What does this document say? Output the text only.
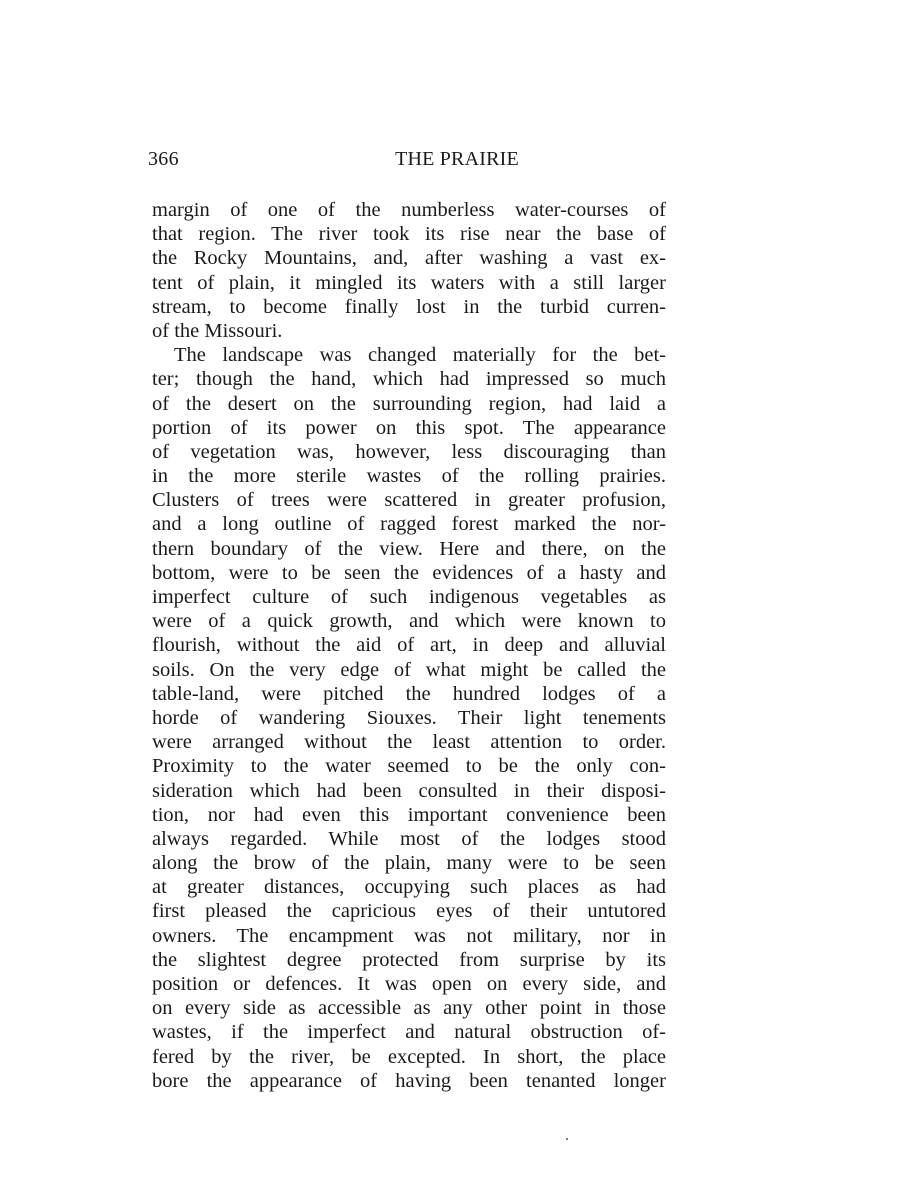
366	THE PRAIRIE
margin of one of the numberless water-courses of
that region. The river took its rise near the base of
the Rocky Mountains, and, after washing a vast ex-
tent of plain, it mingled its waters with a still larger
stream, to become finally lost in the turbid curren-
of the Missouri.
The landscape was changed materially for the bet-
ter; though the hand, which had impressed so much
of the desert on the surrounding region, had laid a
portion of its power on this spot. The appearance
of vegetation was, however, less discouraging than
in the more sterile wastes of the rolling prairies.
Clusters of trees were scattered in greater profusion,
and a long outline of ragged forest marked the nor-
thern boundary of the view. Here and there, on the
bottom, were to be seen the evidences of a hasty and
imperfect culture of such indigenous vegetables as
were of a quick growth, and which were known to
flourish, without the aid of art, in deep and alluvial
soils. On the very edge of what might be called the
table-land, were pitched the hundred lodges of a
horde of wandering Siouxes. Their light tenements
were arranged without the least attention to order.
Proximity to the water seemed to be the only con-
sideration which had been consulted in their disposi-
tion, nor had even this important convenience been
always regarded. While most of the lodges stood
along the brow of the plain, many were to be seen
at greater distances, occupying such places as had
first pleased the capricious eyes of their untutored
owners. The encampment was not military, nor in
the slightest degree protected from surprise by its
position or defences. It was open on every side, and
on every side as accessible as any other point in those
wastes, if the imperfect and natural obstruction of-
fered by the river, be excepted. In short, the place
bore the appearance of having been tenanted longer
